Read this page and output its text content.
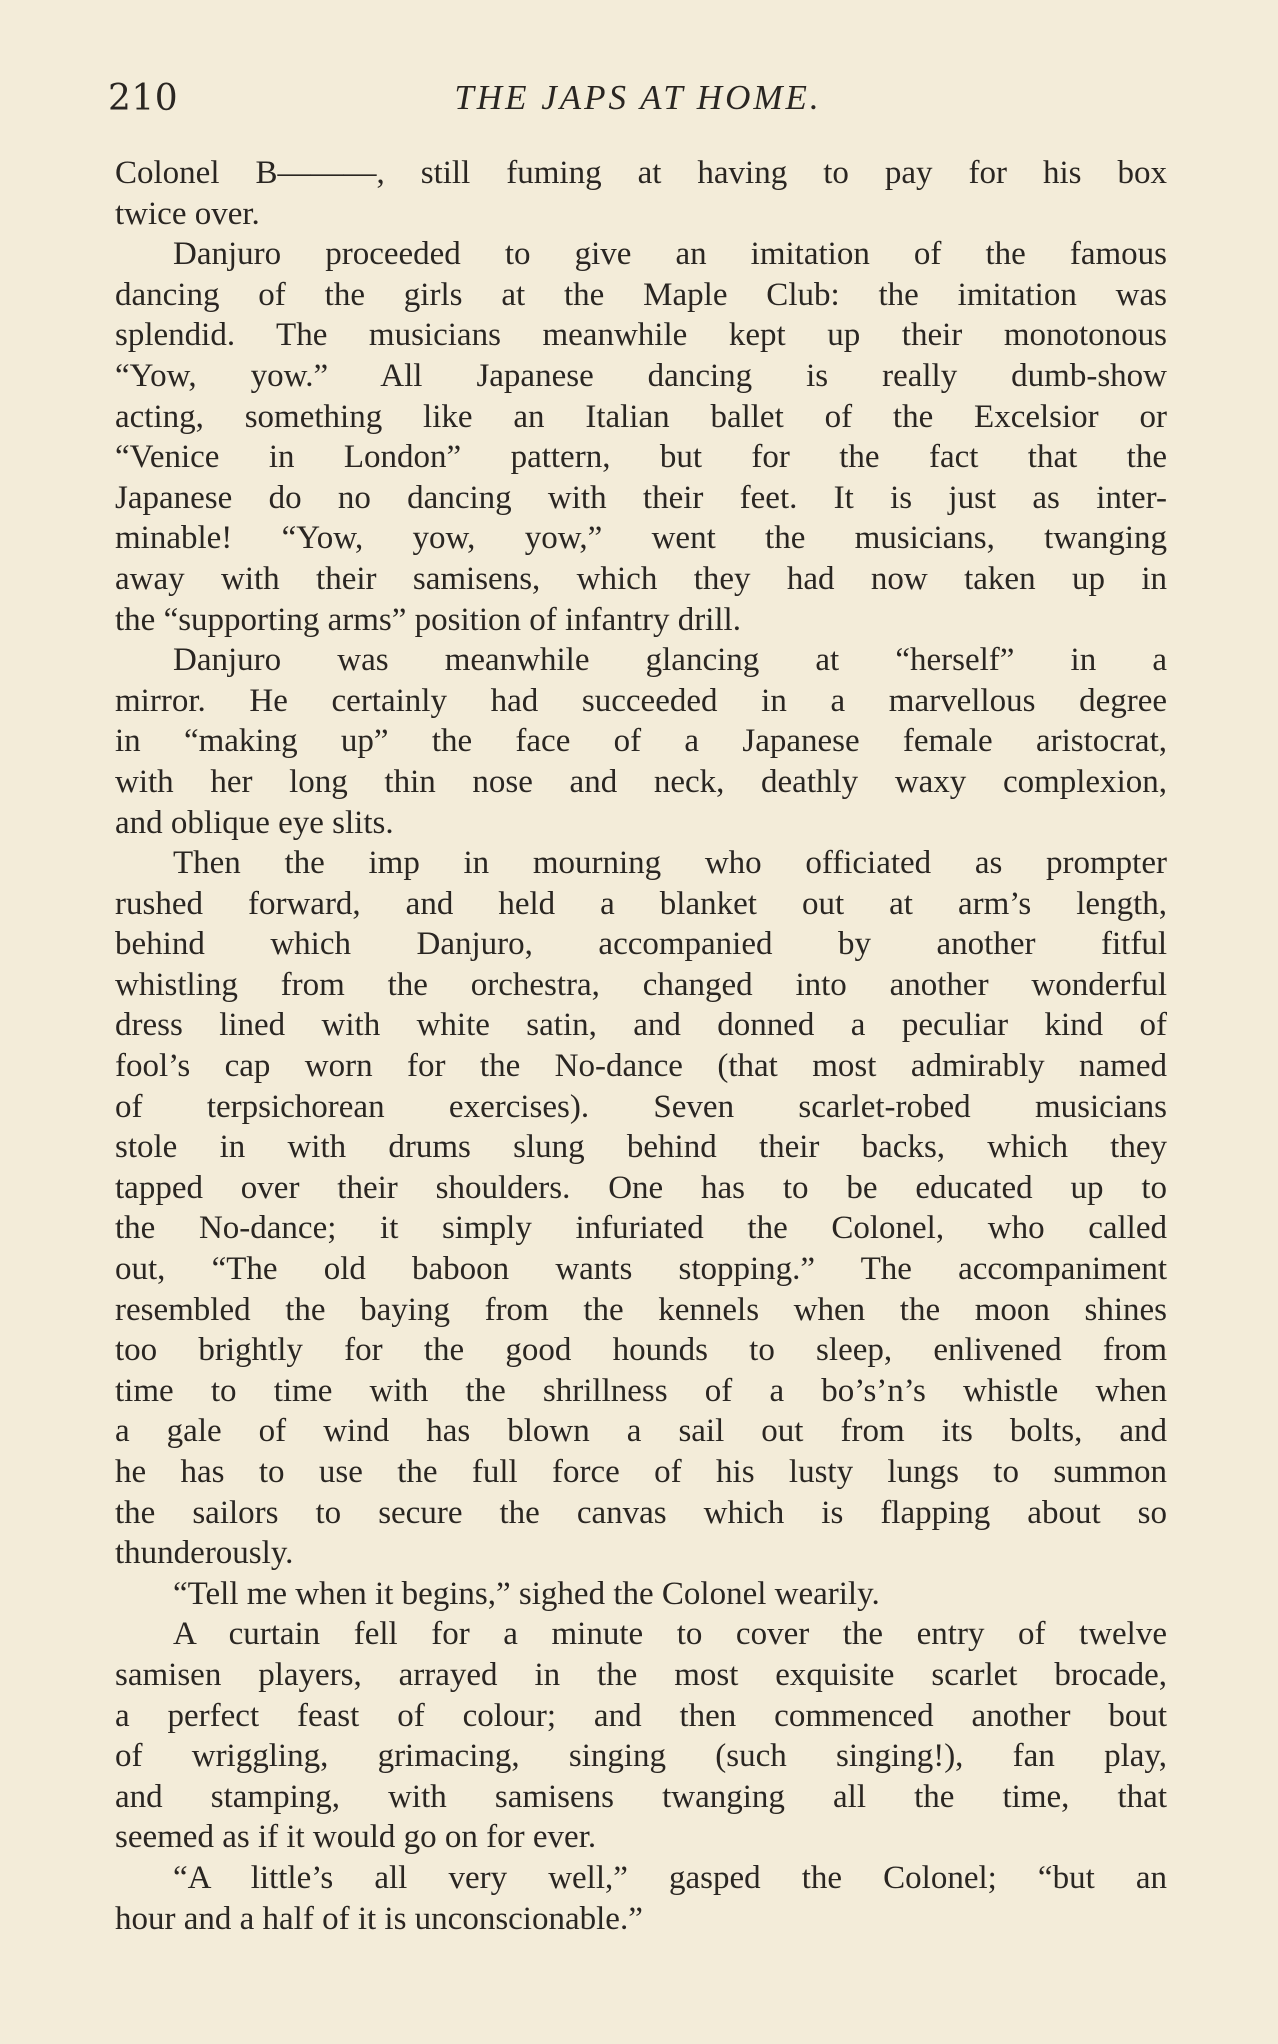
210	THE JAPS AT HOME.
Colonel B———, still fuming at having to pay for his box
twice over.
Danjuro proceeded to give an imitation of the famous
dancing of the girls at the Maple Club: the imitation was
splendid. The musicians meanwhile kept up their monotonous
“Yow, yow.” All Japanese dancing is really dumb-show
acting, something like an Italian ballet of the Excelsior or
“Venice in London” pattern, but for the fact that the
Japanese do no dancing with their feet. It is just as inter-
minable! “Yow, yow, yow,” went the musicians, twanging
away with their samisens, which they had now taken up in
the “supporting arms” position of infantry drill.
Danjuro was meanwhile glancing at “herself” in a
mirror. He certainly had succeeded in a marvellous degree
in “making up” the face of a Japanese female aristocrat,
with her long thin nose and neck, deathly waxy complexion,
and oblique eye slits.
Then the imp in mourning who officiated as prompter
rushed forward, and held a blanket out at arm’s length,
behind which Danjuro, accompanied by another fitful
whistling from the orchestra, changed into another wonderful
dress lined with white satin, and donned a peculiar kind of
fool’s cap worn for the No-dance (that most admirably named
of terpsichorean exercises). Seven scarlet-robed musicians
stole in with drums slung behind their backs, which they
tapped over their shoulders. One has to be educated up to
the No-dance; it simply infuriated the Colonel, who called
out, “The old baboon wants stopping.” The accompaniment
resembled the baying from the kennels when the moon shines
too brightly for the good hounds to sleep, enlivened from
time to time with the shrillness of a bo’s’n’s whistle when
a gale of wind has blown a sail out from its bolts, and
he has to use the full force of his lusty lungs to summon
the sailors to secure the canvas which is flapping about so
thunderously.
“Tell me when it begins,” sighed the Colonel wearily.
A curtain fell for a minute to cover the entry of twelve
samisen players, arrayed in the most exquisite scarlet brocade,
a perfect feast of colour; and then commenced another bout
of wriggling, grimacing, singing (such singing!), fan play,
and stamping, with samisens twanging all the time, that
seemed as if it would go on for ever.
“A little’s all very well,” gasped the Colonel; “but an
hour and a half of it is unconscionable.”
